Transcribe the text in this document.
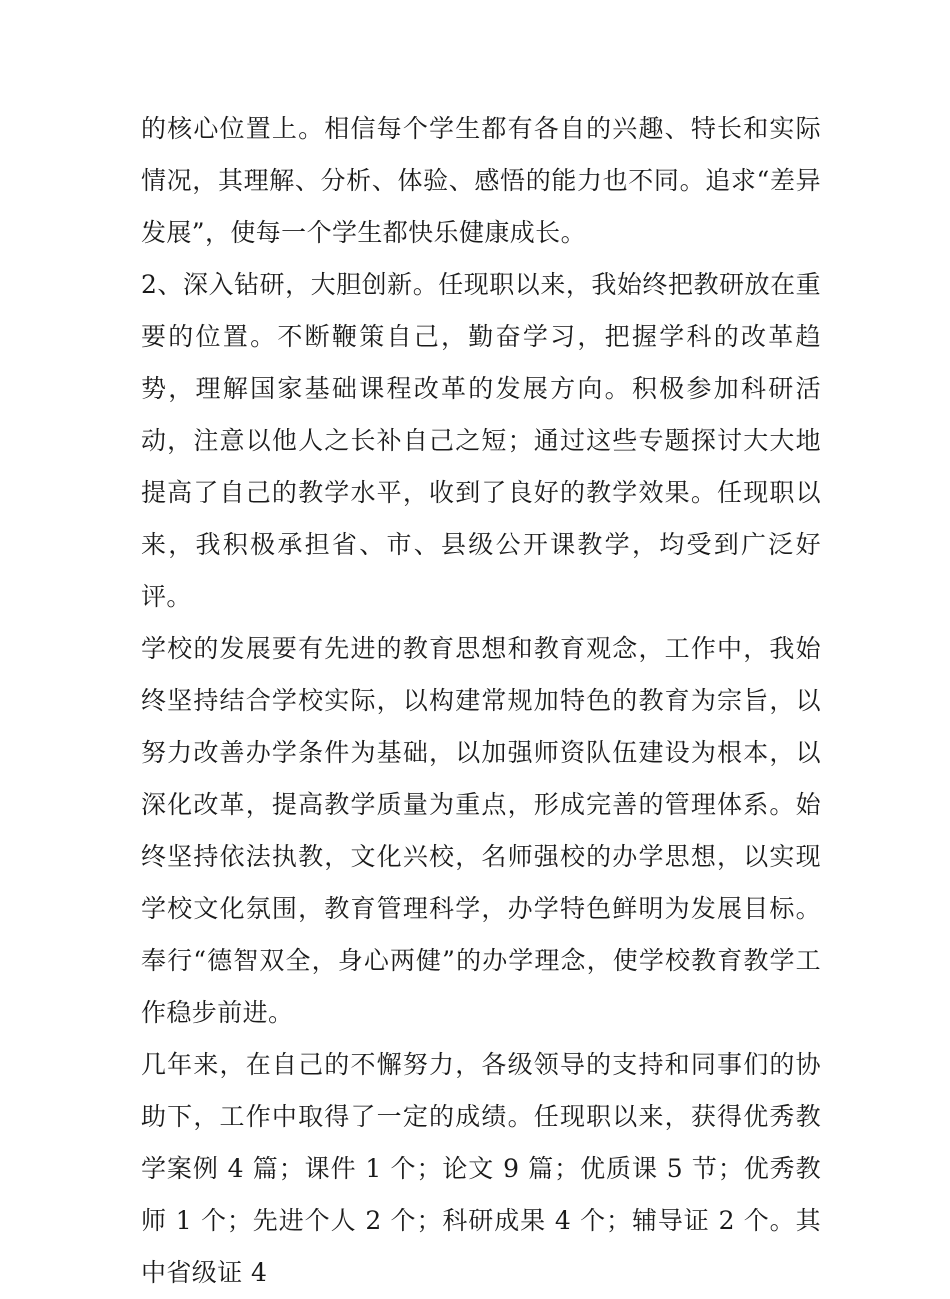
的核心位置上。相信每个学生都有各自的兴趣、特长和实际情况，其理解、分析、体验、感悟的能力也不同。追求“差异发展”，使每一个学生都快乐健康成长。

2、深入钻研，大胆创新。任现职以来，我始终把教研放在重要的位置。不断鞭策自己，勤奋学习，把握学科的改革趋势，理解国家基础课程改革的发展方向。积极参加科研活动，注意以他人之长补自己之短；通过这些专题探讨大大地提高了自己的教学水平，收到了良好的教学效果。任现职以来，我积极承担省、市、县级公开课教学，均受到广泛好评。

学校的发展要有先进的教育思想和教育观念，工作中，我始终坚持结合学校实际，以构建常规加特色的教育为宗旨，以努力改善办学条件为基础，以加强师资队伍建设为根本，以深化改革，提高教学质量为重点，形成完善的管理体系。始终坚持依法执教，文化兴校，名师强校的办学思想，以实现学校文化氛围，教育管理科学，办学特色鲜明为发展目标。奉行“德智双全，身心两健”的办学理念，使学校教育教学工作稳步前进。

几年来，在自己的不懈努力，各级领导的支持和同事们的协助下，工作中取得了一定的成绩。任现职以来，获得优秀教学案例 4 篇；课件 1 个；论文 9 篇；优质课 5 节；优秀教师 1 个；先进个人 2 个；科研成果 4 个；辅导证 2 个。其中省级证 4
